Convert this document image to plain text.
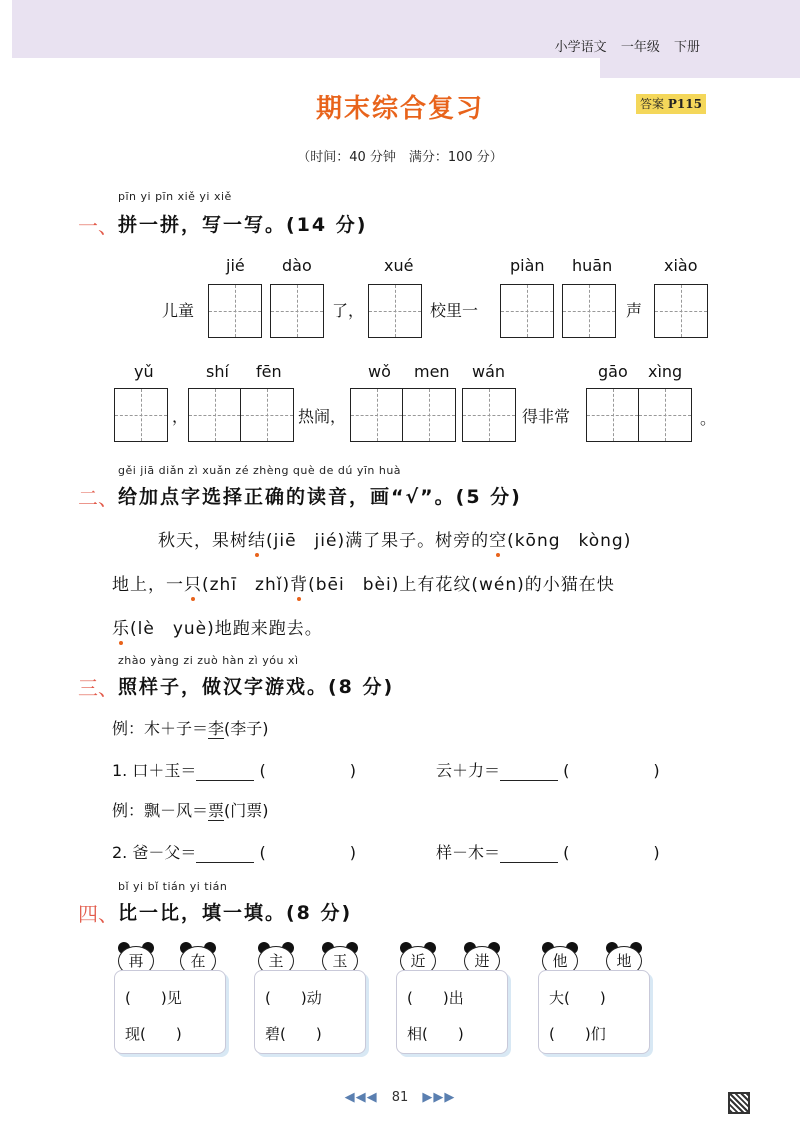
小学语文 一年级 下册
期末综合复习	答案 P115
（时间：40 分钟　满分：100 分）
pīn yi pīn xiě yi xiě
一、 拼一拼，写一写。(14 分)
jié dào	xué	piàn huān	xiào
儿童	了，	校里一	声
yǔ	shí fēn	wǒ men wán	gāo xìng
，	热闹，	得非常	。
gěi jiā diǎn zì xuǎn zé zhèng què de dú yīn huà
二、 给加点字选择正确的读音，画“√”。(5 分)
秋天，果树结(jiē　jié)满了果子。树旁的空(kōng　kòng)
地上，一只(zhī　zhǐ)背(bēi　bèi)上有花纹(wén)的小猫在快
乐(lè　yuè)地跑来跑去。
zhào yàng zi zuò hàn zì yóu xì
三、 照样子，做汉字游戏。(8 分)
例：木＋子＝李(李子)
1. 口＋玉＝	(	)	云＋力＝	(	)
例：飘－风＝票(门票)
2. 爸－父＝	(	)	样－木＝	(	)
bǐ yi bǐ tián yi tián
四、 比一比，填一填。(8 分)
再	在
(　　)见
现(　　)
主	玉
(　　)动
碧(　　)
近	进
(　　)出
相(　　)
他	地
大(　　)
(　　)们
◀◀◀ 81 ▶▶▶
